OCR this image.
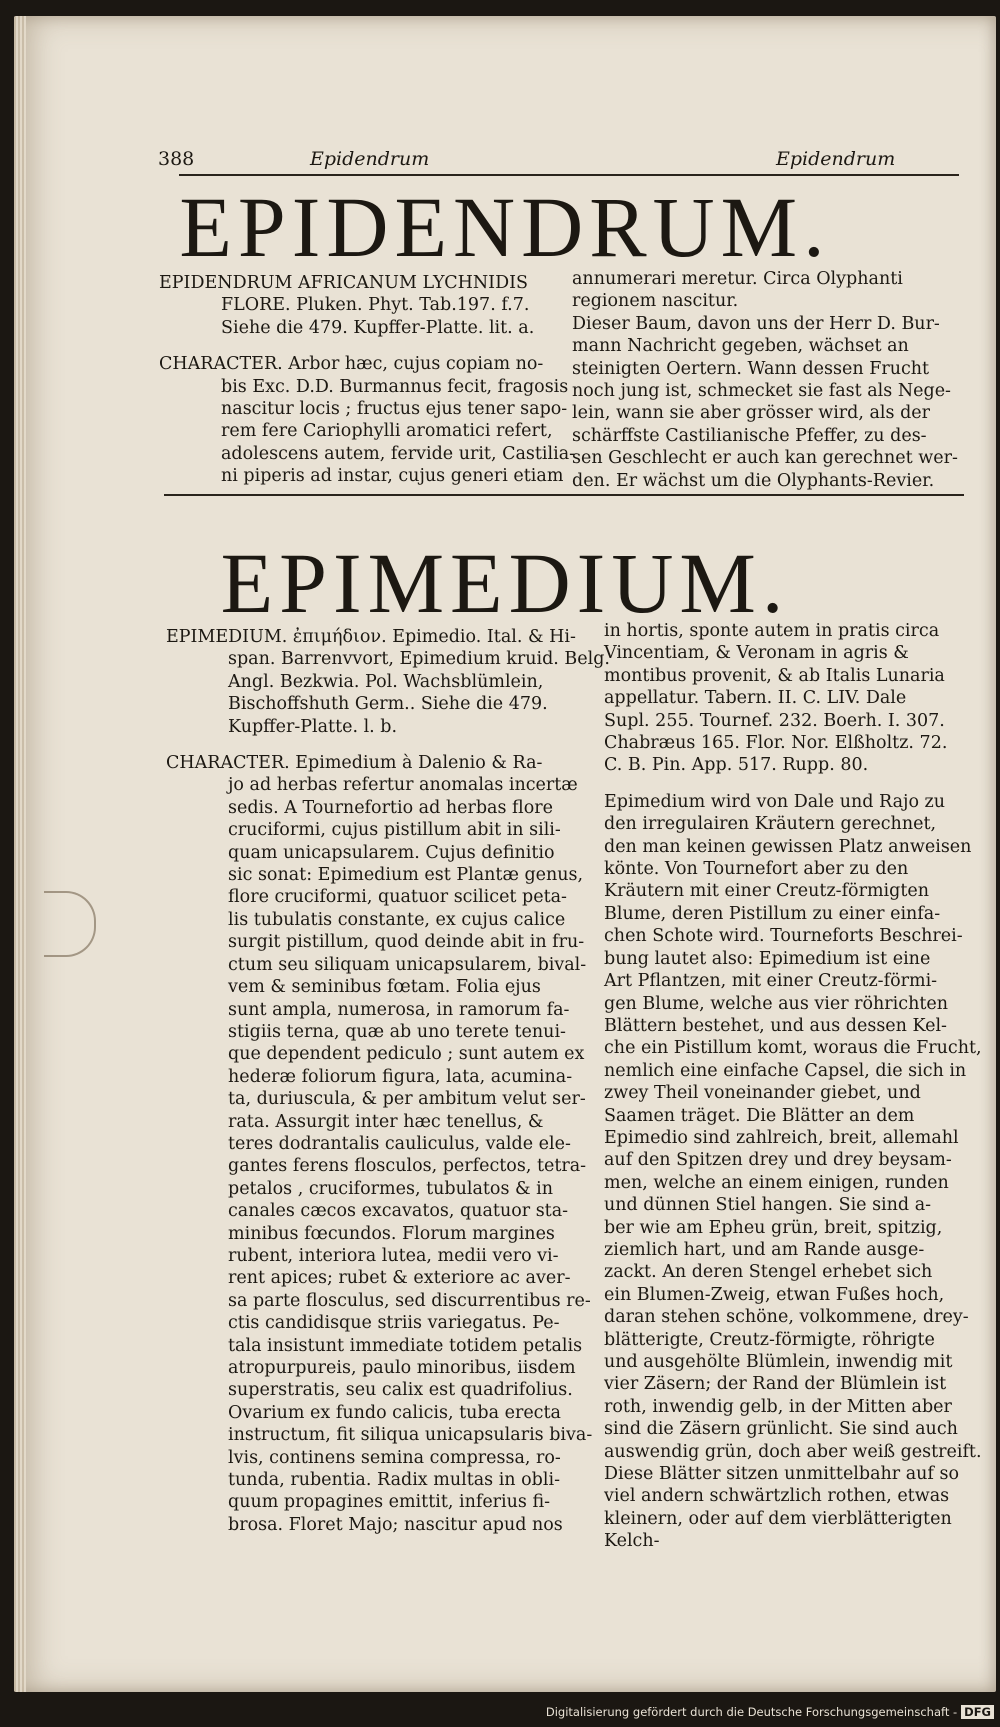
388	Epidendrum	Epidendrum
EPIDENDRUM.
EPIDENDRUM AFRICANUM LYCHNIDIS
FLORE. Pluken. Phyt. Tab.197. f.7.
Siehe die 479. Kupffer-Platte. lit. a.
CHARACTER. Arbor hæc, cujus copiam no-
bis Exc. D.D. Burmannus fecit, fragosis
nascitur locis ; fructus ejus tener sapo-
rem fere Cariophylli aromatici refert,
adolescens autem, fervide urit, Castilia-
ni piperis ad instar, cujus generi etiam
annumerari meretur. Circa Olyphanti
regionem nascitur.
Dieser Baum, davon uns der Herr D. Bur-
mann Nachricht gegeben, wächset an
steinigten Oertern. Wann dessen Frucht
noch jung ist, schmecket sie fast als Nege-
lein, wann sie aber grösser wird, als der
schärffste Castilianische Pfeffer, zu des-
sen Geschlecht er auch kan gerechnet wer-
den. Er wächst um die Olyphants-Revier.
EPIMEDIUM.
EPIMEDIUM. ἐπιμήδιον. Epimedio. Ital. & Hi-
span. Barrenvvort, Epimedium kruid. Belg.
Angl. Bezkwia. Pol. Wachsblümlein,
Bischoffshuth Germ.. Siehe die 479.
Kupffer-Platte. l. b.
CHARACTER. Epimedium à Dalenio & Ra-
jo ad herbas refertur anomalas incertæ
sedis. A Tournefortio ad herbas flore
cruciformi, cujus pistillum abit in sili-
quam unicapsularem. Cujus definitio
sic sonat: Epimedium est Plantæ genus,
flore cruciformi, quatuor scilicet peta-
lis tubulatis constante, ex cujus calice
surgit pistillum, quod deinde abit in fru-
ctum seu siliquam unicapsularem, bival-
vem & seminibus fœtam. Folia ejus
sunt ampla, numerosa, in ramorum fa-
stigiis terna, quæ ab uno terete tenui-
que dependent pediculo ; sunt autem ex
hederæ foliorum figura, lata, acumina-
ta, duriuscula, & per ambitum velut ser-
rata. Assurgit inter hæc tenellus, &
teres dodrantalis cauliculus, valde ele-
gantes ferens flosculos, perfectos, tetra-
petalos , cruciformes, tubulatos & in
canales cæcos excavatos, quatuor sta-
minibus fœcundos. Florum margines
rubent, interiora lutea, medii vero vi-
rent apices; rubet & exteriore ac aver-
sa parte flosculus, sed discurrentibus re-
ctis candidisque striis variegatus. Pe-
tala insistunt immediate totidem petalis
atropurpureis, paulo minoribus, iisdem
superstratis, seu calix est quadrifolius.
Ovarium ex fundo calicis, tuba erecta
instructum, fit siliqua unicapsularis biva-
lvis, continens semina compressa, ro-
tunda, rubentia. Radix multas in obli-
quum propagines emittit, inferius fi-
brosa. Floret Majo; nascitur apud nos
in hortis, sponte autem in pratis circa
Vincentiam, & Veronam in agris &
montibus provenit, & ab Italis Lunaria
appellatur. Tabern. II. C. LIV. Dale
Supl. 255. Tournef. 232. Boerh. I. 307.
Chabræus 165. Flor. Nor. Elßholtz. 72.
C. B. Pin. App. 517. Rupp. 80.
Epimedium wird von Dale und Rajo zu
den irregulairen Kräutern gerechnet,
den man keinen gewissen Platz anweisen
könte. Von Tournefort aber zu den
Kräutern mit einer Creutz-förmigten
Blume, deren Pistillum zu einer einfa-
chen Schote wird. Tourneforts Beschrei-
bung lautet also: Epimedium ist eine
Art Pflantzen, mit einer Creutz-förmi-
gen Blume, welche aus vier röhrichten
Blättern bestehet, und aus dessen Kel-
che ein Pistillum komt, woraus die Frucht,
nemlich eine einfache Capsel, die sich in
zwey Theil voneinander giebet, und
Saamen träget. Die Blätter an dem
Epimedio sind zahlreich, breit, allemahl
auf den Spitzen drey und drey beysam-
men, welche an einem einigen, runden
und dünnen Stiel hangen. Sie sind a-
ber wie am Epheu grün, breit, spitzig,
ziemlich hart, und am Rande ausge-
zackt. An deren Stengel erhebet sich
ein Blumen-Zweig, etwan Fußes hoch,
daran stehen schöne, volkommene, drey-
blätterigte, Creutz-förmigte, röhrigte
und ausgehölte Blümlein, inwendig mit
vier Zäsern; der Rand der Blümlein ist
roth, inwendig gelb, in der Mitten aber
sind die Zäsern grünlicht. Sie sind auch
auswendig grün, doch aber weiß gestreift.
Diese Blätter sitzen unmittelbahr auf so
viel andern schwärtzlich rothen, etwas
kleinern, oder auf dem vierblätterigten
Kelch-
Digitalisierung gefördert durch die Deutsche Forschungsgemeinschaft - DFG
